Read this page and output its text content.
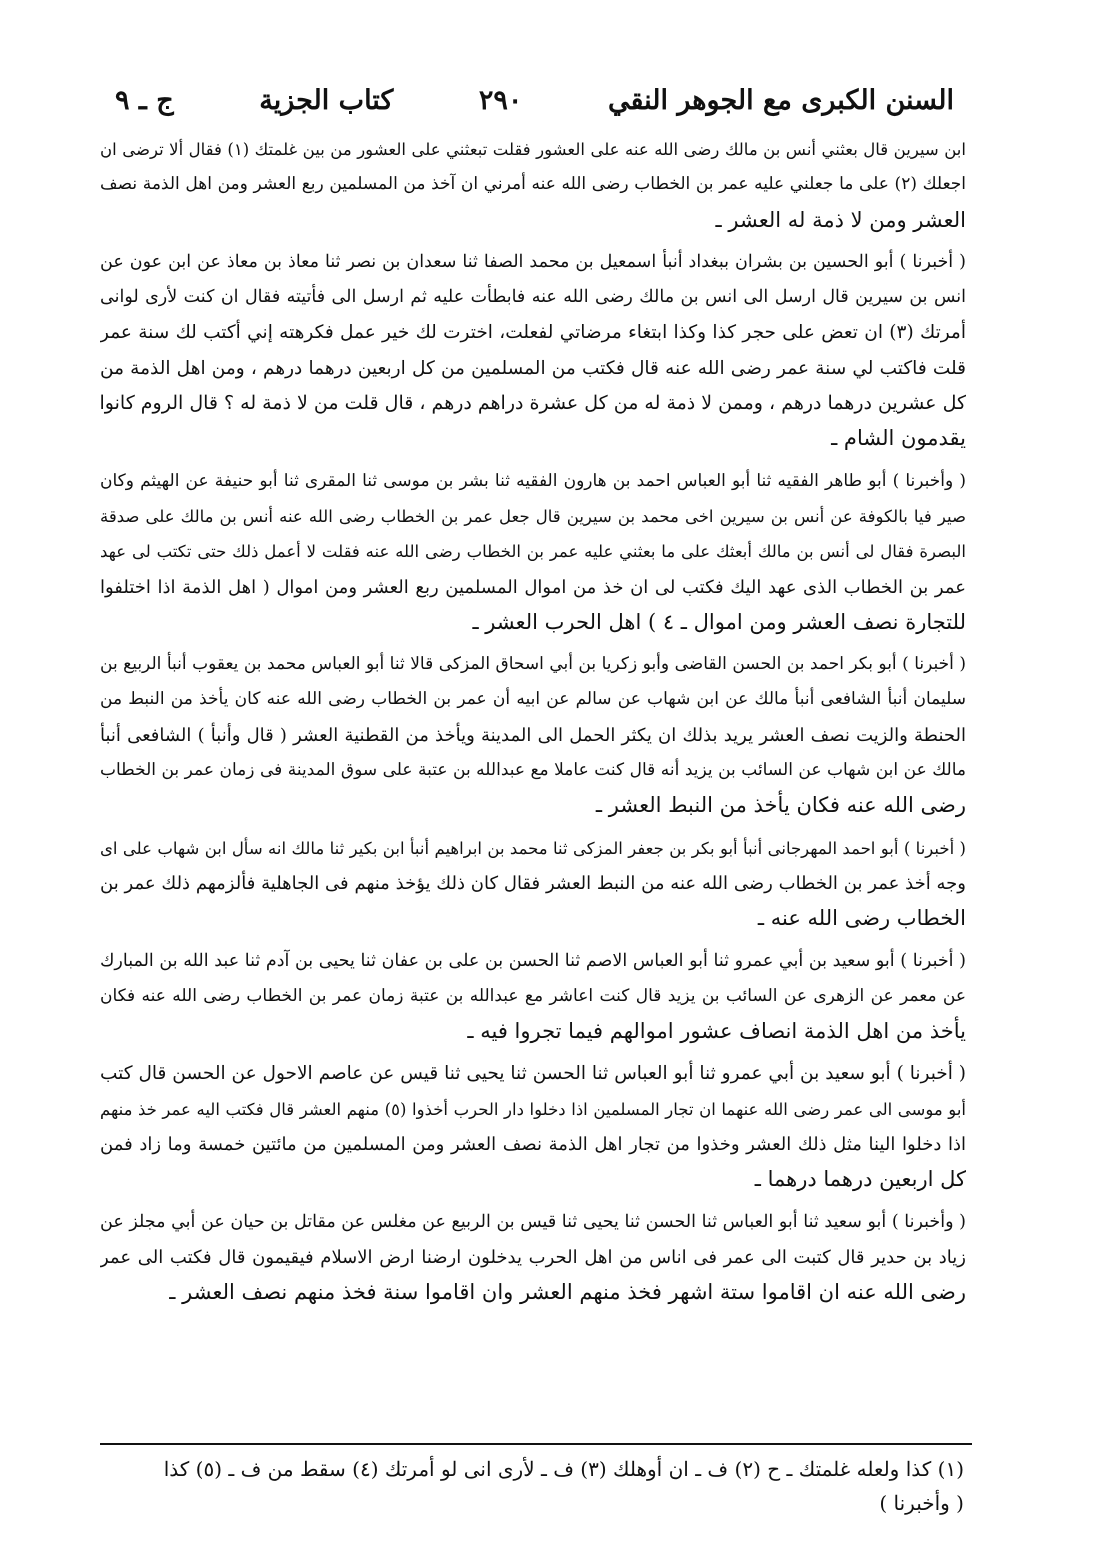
السنن الكبرى مع الجوهر النقي
٢٩٠
كتاب الجزية
ج ـ ٩
ابن سيرين قال بعثني أنس بن مالك رضى الله عنه على العشور فقلت تبعثني على العشور من بين غلمتك (١) فقال ألا ترضى ان
اجعلك (٢) على ما جعلني عليه عمر بن الخطاب رضى الله عنه أمرني ان آخذ من المسلمين ربع العشر ومن اهل الذمة نصف
العشر ومن لا ذمة له العشر ـ
( أخبرنا ) أبو الحسين بن بشران ببغداد أنبأ اسمعيل بن محمد الصفا ثنا سعدان بن نصر ثنا معاذ بن معاذ عن ابن عون عن
انس بن سيرين قال ارسل الى انس بن مالك رضى الله عنه فابطأت عليه ثم ارسل الى فأتيته فقال ان كنت لأرى لوانى
أمرتك (٣) ان تعض على حجر كذا وكذا ابتغاء مرضاتي لفعلت، اخترت لك خير عمل فكرهته إني أكتب لك سنة عمر
قلت فاكتب لي سنة عمر رضى الله عنه قال فكتب من المسلمين من كل اربعين درهما درهم ، ومن اهل الذمة من
كل عشرين درهما درهم ، وممن لا ذمة له من كل عشرة دراهم درهم ، قال قلت من لا ذمة له ؟ قال الروم كانوا
يقدمون الشام ـ
( وأخبرنا ) أبو طاهر الفقيه ثنا أبو العباس احمد بن هارون الفقيه ثنا بشر بن موسى ثنا المقرى ثنا أبو حنيفة عن الهيثم وكان
صير فيا بالكوفة عن أنس بن سيرين اخى محمد بن سيرين قال جعل عمر بن الخطاب رضى الله عنه أنس بن مالك على صدقة
البصرة فقال لى أنس بن مالك أبعثك على ما بعثني عليه عمر بن الخطاب رضى الله عنه فقلت لا أعمل ذلك حتى تكتب لى عهد
عمر بن الخطاب الذى عهد اليك فكتب لى ان خذ من اموال المسلمين ربع العشر ومن اموال ( اهل الذمة اذا اختلفوا
للتجارة نصف العشر ومن اموال ـ ٤ ) اهل الحرب العشر ـ
( أخبرنا ) أبو بكر احمد بن الحسن القاضى وأبو زكريا بن أبي اسحاق المزكى قالا ثنا أبو العباس محمد بن يعقوب أنبأ الربيع بن
سليمان أنبأ الشافعى أنبأ مالك عن ابن شهاب عن سالم عن ابيه أن عمر بن الخطاب رضى الله عنه كان يأخذ من النبط من
الحنطة والزيت نصف العشر يريد بذلك ان يكثر الحمل الى المدينة ويأخذ من القطنية العشر ( قال وأنبأ ) الشافعى أنبأ
مالك عن ابن شهاب عن السائب بن يزيد أنه قال كنت عاملا مع عبدالله بن عتبة على سوق المدينة فى زمان عمر بن الخطاب
رضى الله عنه فكان يأخذ من النبط العشر ـ
( أخبرنا ) أبو احمد المهرجانى أنبأ أبو بكر بن جعفر المزكى ثنا محمد بن ابراهيم أنبأ ابن بكير ثنا مالك انه سأل ابن شهاب على اى
وجه أخذ عمر بن الخطاب رضى الله عنه من النبط العشر فقال كان ذلك يؤخذ منهم فى الجاهلية فألزمهم ذلك عمر بن
الخطاب رضى الله عنه ـ
( أخبرنا ) أبو سعيد بن أبي عمرو ثنا أبو العباس الاصم ثنا الحسن بن على بن عفان ثنا يحيى بن آدم ثنا عبد الله بن المبارك
عن معمر عن الزهرى عن السائب بن يزيد قال كنت اعاشر مع عبدالله بن عتبة زمان عمر بن الخطاب رضى الله عنه فكان
يأخذ من اهل الذمة انصاف عشور اموالهم فيما تجروا فيه ـ
( أخبرنا ) أبو سعيد بن أبي عمرو ثنا أبو العباس ثنا الحسن ثنا يحيى ثنا قيس عن عاصم الاحول عن الحسن قال كتب
أبو موسى الى عمر رضى الله عنهما ان تجار المسلمين اذا دخلوا دار الحرب أخذوا (٥) منهم العشر قال فكتب اليه عمر خذ منهم
اذا دخلوا الينا مثل ذلك العشر وخذوا من تجار اهل الذمة نصف العشر ومن المسلمين من مائتين خمسة وما زاد فمن
كل اربعين درهما درهما ـ
( وأخبرنا ) أبو سعيد ثنا أبو العباس ثنا الحسن ثنا يحيى ثنا قيس بن الربيع عن مغلس عن مقاتل بن حيان عن أبي مجلز عن
زياد بن حدير قال كتبت الى عمر فى اناس من اهل الحرب يدخلون ارضنا ارض الاسلام فيقيمون قال فكتب الى عمر
رضى الله عنه ان اقاموا ستة اشهر فخذ منهم العشر وان اقاموا سنة فخذ منهم نصف العشر ـ
(١) كذا ولعله غلمتك ـ ح (٢) ف ـ ان أوهلك (٣) ف ـ لأرى انى لو أمرتك (٤) سقط من ف ـ (٥) كذا
( وأخبرنا )
